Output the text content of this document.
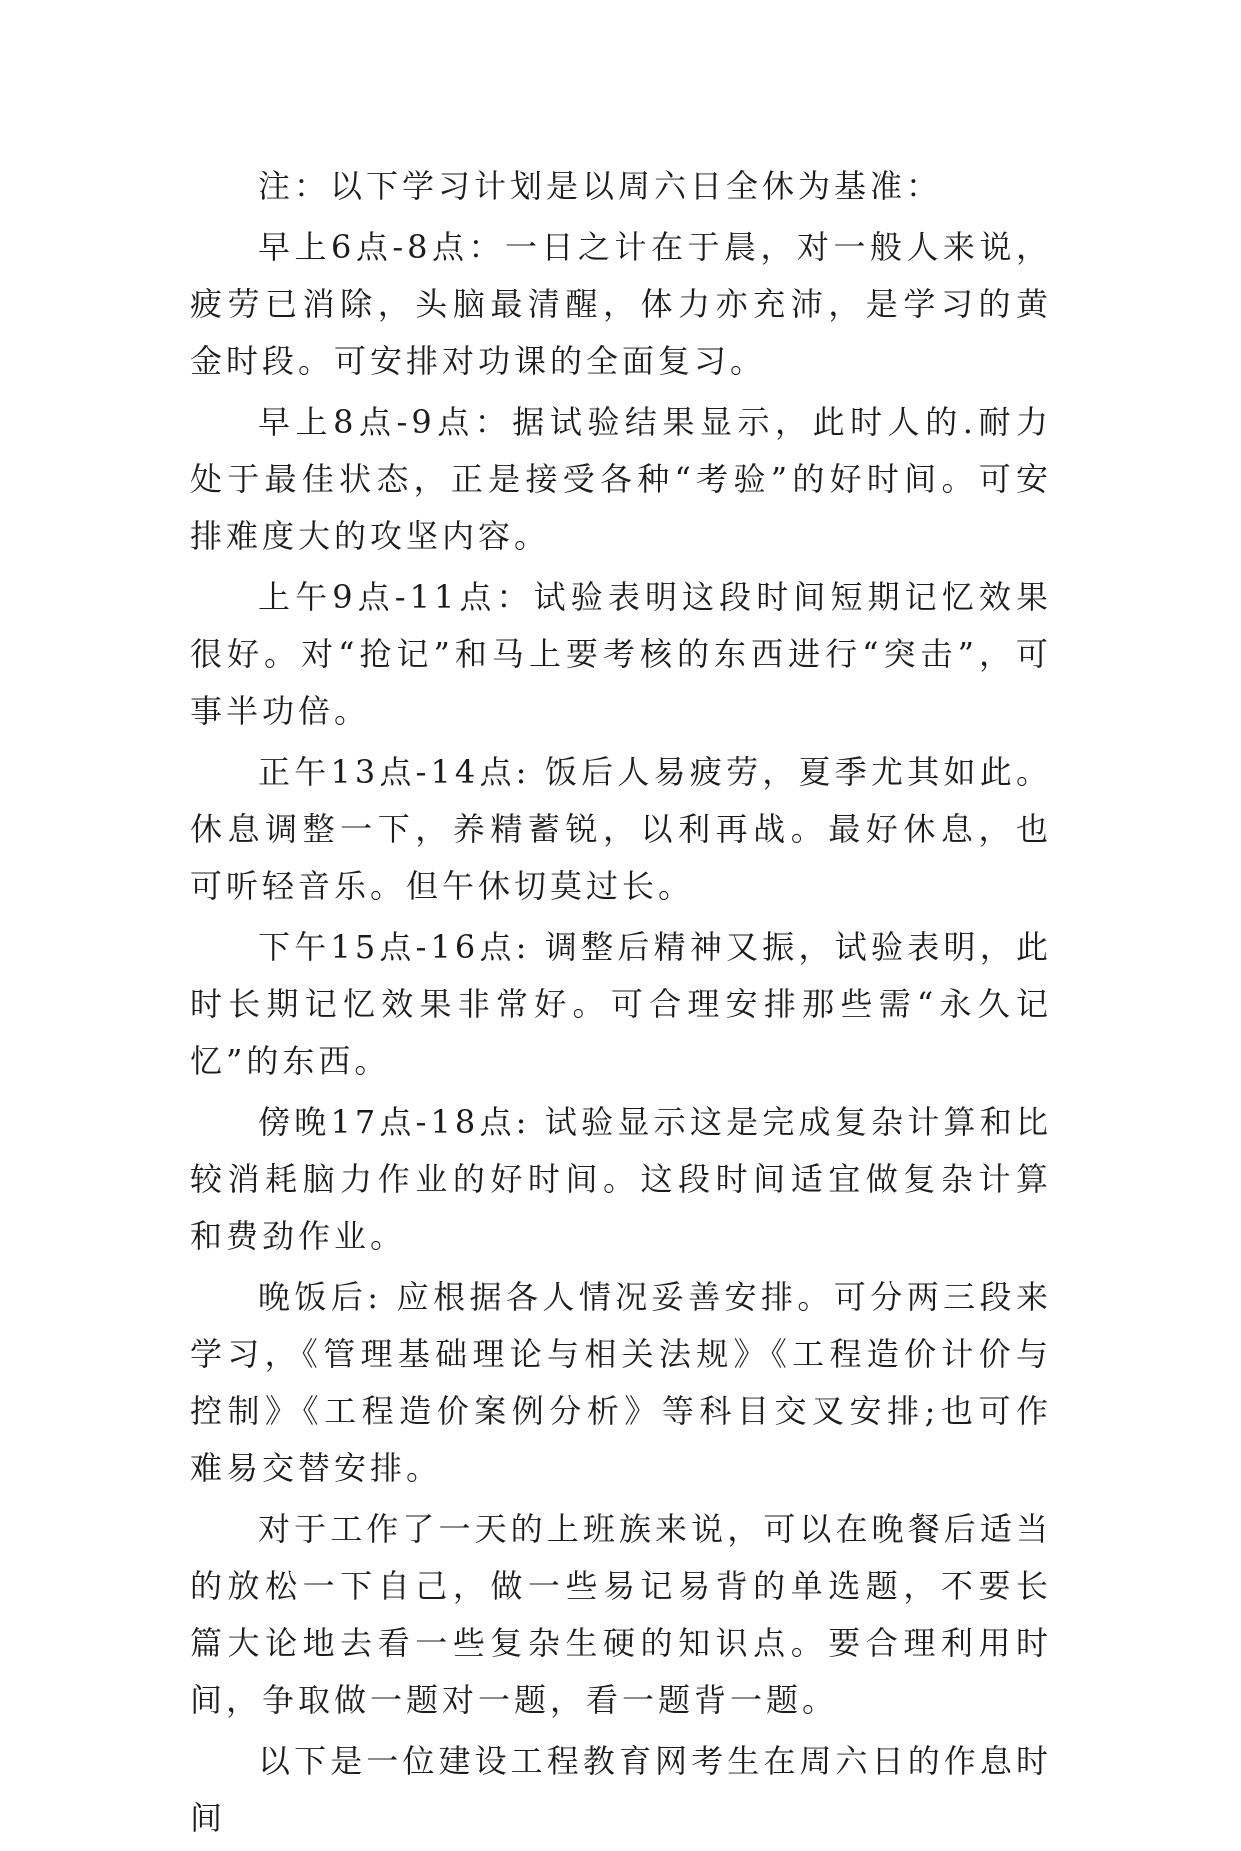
注：以下学习计划是以周六日全休为基准：

早上6点-8点：一日之计在于晨，对一般人来说，疲劳已消除，头脑最清醒，体力亦充沛，是学习的黄金时段。可安排对功课的全面复习。

早上8点-9点：据试验结果显示，此时人的.耐力处于最佳状态，正是接受各种“考验”的好时间。可安排难度大的攻坚内容。

上午9点-11点：试验表明这段时间短期记忆效果很好。对“抢记”和马上要考核的东西进行“突击”，可事半功倍。

正午13点-14点: 饭后人易疲劳，夏季尤其如此。休息调整一下，养精蓄锐，以利再战。最好休息，也可听轻音乐。但午休切莫过长。

下午15点-16点: 调整后精神又振，试验表明，此时长期记忆效果非常好。可合理安排那些需“永久记忆”的东西。

傍晚17点-18点: 试验显示这是完成复杂计算和比较消耗脑力作业的好时间。这段时间适宜做复杂计算和费劲作业。

晚饭后: 应根据各人情况妥善安排。可分两三段来学习，《管理基础理论与相关法规》《工程造价计价与控制》《工程造价案例分析》等科目交叉安排;也可作难易交替安排。

对于工作了一天的上班族来说，可以在晚餐后适当的放松一下自己，做一些易记易背的单选题，不要长篇大论地去看一些复杂生硬的知识点。要合理利用时间，争取做一题对一题，看一题背一题。

以下是一位建设工程教育网考生在周六日的作息时间
